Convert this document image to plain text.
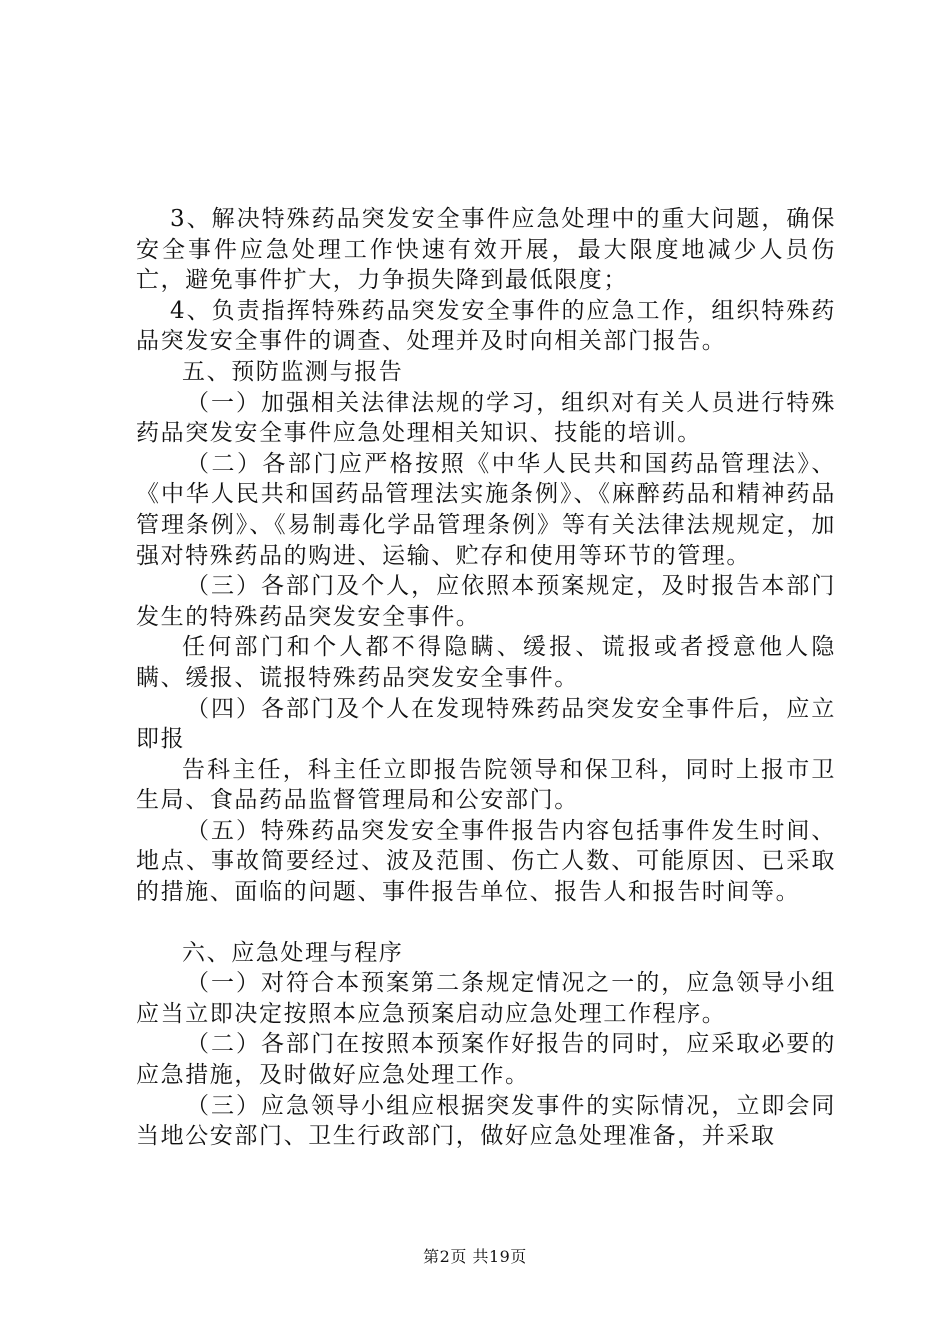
3、解决特殊药品突发安全事件应急处理中的重大问题，确保安全事件应急处理工作快速有效开展，最大限度地减少人员伤亡，避免事件扩大，力争损失降到最低限度；

4、负责指挥特殊药品突发安全事件的应急工作，组织特殊药品突发安全事件的调查、处理并及时向相关部门报告。

五、预防监测与报告

（一）加强相关法律法规的学习，组织对有关人员进行特殊药品突发安全事件应急处理相关知识、技能的培训。

（二）各部门应严格按照《中华人民共和国药品管理法》、《中华人民共和国药品管理法实施条例》、《麻醉药品和精神药品管理条例》、《易制毒化学品管理条例》等有关法律法规规定，加强对特殊药品的购进、运输、贮存和使用等环节的管理。

（三）各部门及个人，应依照本预案规定，及时报告本部门发生的特殊药品突发安全事件。

任何部门和个人都不得隐瞒、缓报、谎报或者授意他人隐瞒、缓报、谎报特殊药品突发安全事件。

（四）各部门及个人在发现特殊药品突发安全事件后，应立即报

告科主任，科主任立即报告院领导和保卫科，同时上报市卫生局、食品药品监督管理局和公安部门。

（五）特殊药品突发安全事件报告内容包括事件发生时间、地点、事故简要经过、波及范围、伤亡人数、可能原因、已采取的措施、面临的问题、事件报告单位、报告人和报告时间等。

六、应急处理与程序

（一）对符合本预案第二条规定情况之一的，应急领导小组应当立即决定按照本应急预案启动应急处理工作程序。

（二）各部门在按照本预案作好报告的同时，应采取必要的应急措施，及时做好应急处理工作。

（三）应急领导小组应根据突发事件的实际情况，立即会同当地公安部门、卫生行政部门，做好应急处理准备，并采取

第2页 共19页
